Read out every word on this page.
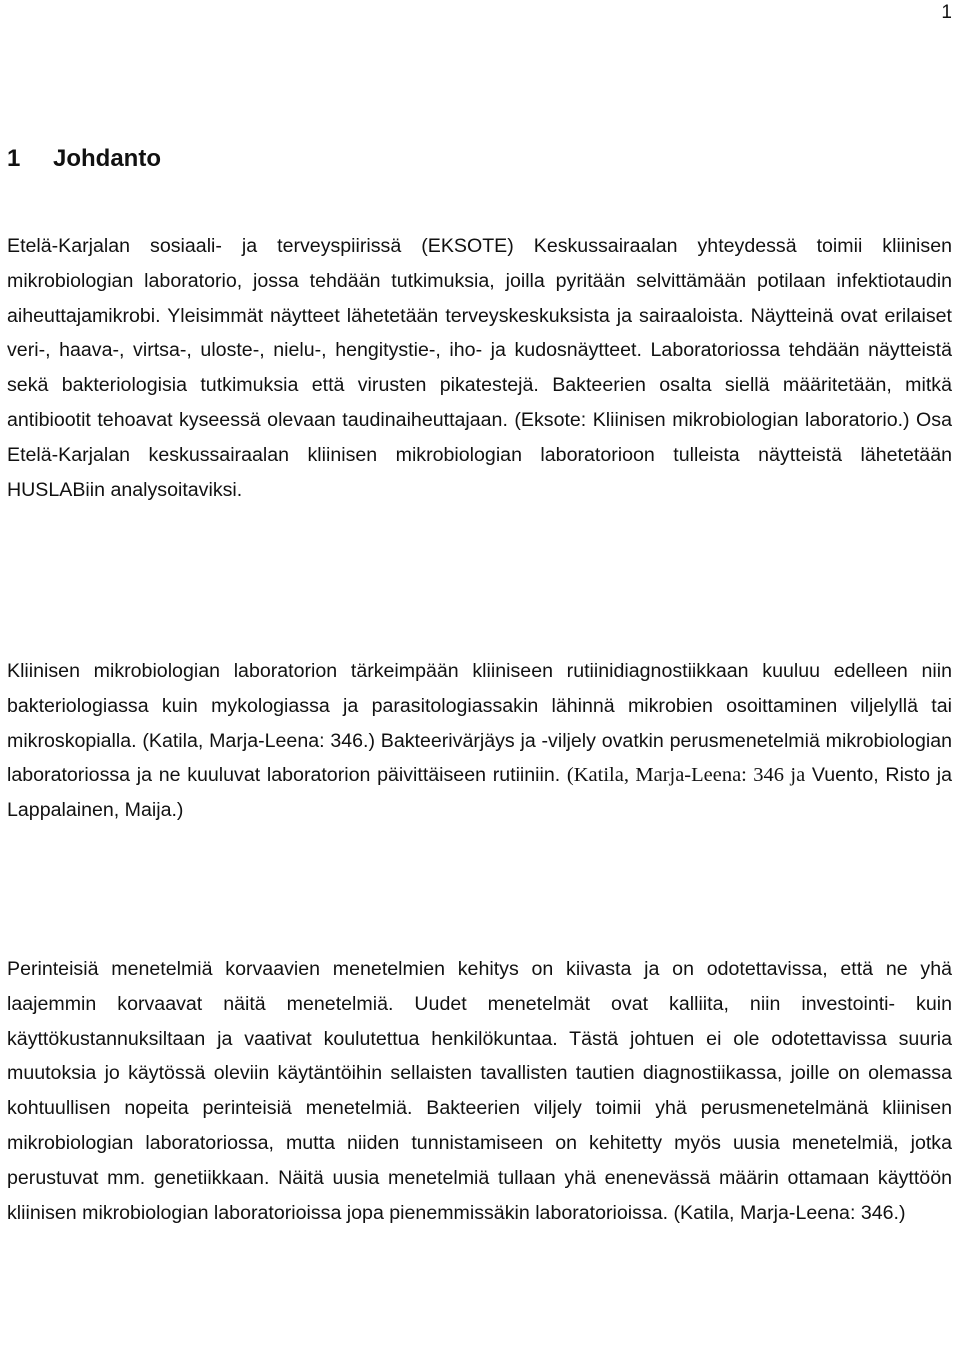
1
1 Johdanto

Etelä-Karjalan sosiaali- ja terveyspiirissä (EKSOTE) Keskussairaalan yhteydessä toimii kliinisen mikrobiologian laboratorio, jossa tehdään tutkimuksia, joilla pyritään selvittämään potilaan infektiotaudin aiheuttajamikrobi. Yleisimmät näytteet lähetetään terveyskeskuksista ja sairaaloista. Näytteinä ovat erilaiset veri-, haava-, virtsa-, uloste-, nielu-, hengitystie-, iho- ja kudosnäytteet. Laboratoriossa tehdään näytteistä sekä bakteriologisia tutkimuksia että virusten pikatestejä. Bakteerien osalta siellä määritetään, mitkä antibiootit tehoavat kyseessä olevaan taudinaiheuttajaan. (Eksote: Kliinisen mikrobiologian laboratorio.) Osa Etelä-Karjalan keskussairaalan kliinisen mikrobiologian laboratorioon tulleista näytteistä lähetetään HUSLABiin analysoitaviksi.

Kliinisen mikrobiologian laboratorion tärkeimpään kliiniseen rutiinidiagnostiikkaan kuuluu edelleen niin bakteriologiassa kuin mykologiassa ja parasitologiassakin lähinnä mikrobien osoittaminen viljelyllä tai mikroskopialla. (Katila, Marja-Leena: 346.) Bakteerivärjäys ja -viljely ovatkin perusmenetelmiä mikrobiologian laboratoriossa ja ne kuuluvat laboratorion päivittäiseen rutiiniin. (Katila, Marja-Leena: 346 ja Vuento, Risto ja Lappalainen, Maija.)

Perinteisiä menetelmiä korvaavien menetelmien kehitys on kiivasta ja on odotettavissa, että ne yhä laajemmin korvaavat näitä menetelmiä. Uudet menetelmät ovat kalliita, niin investointi- kuin käyttökustannuksiltaan ja vaativat koulutettua henkilökuntaa. Tästä johtuen ei ole odotettavissa suuria muutoksia jo käytössä oleviin käytäntöihin sellaisten tavallisten tautien diagnostiikassa, joille on olemassa kohtuullisen nopeita perinteisiä menetelmiä. Bakteerien viljely toimii yhä perusmenetelmänä kliinisen mikrobiologian laboratoriossa, mutta niiden tunnistamiseen on kehitetty myös uusia menetelmiä, jotka perustuvat mm. genetiikkaan. Näitä uusia menetelmiä tullaan yhä enenevässä määrin ottamaan käyttöön kliinisen mikrobiologian laboratorioissa jopa pienemmissäkin laboratorioissa. (Katila, Marja-Leena: 346.)
